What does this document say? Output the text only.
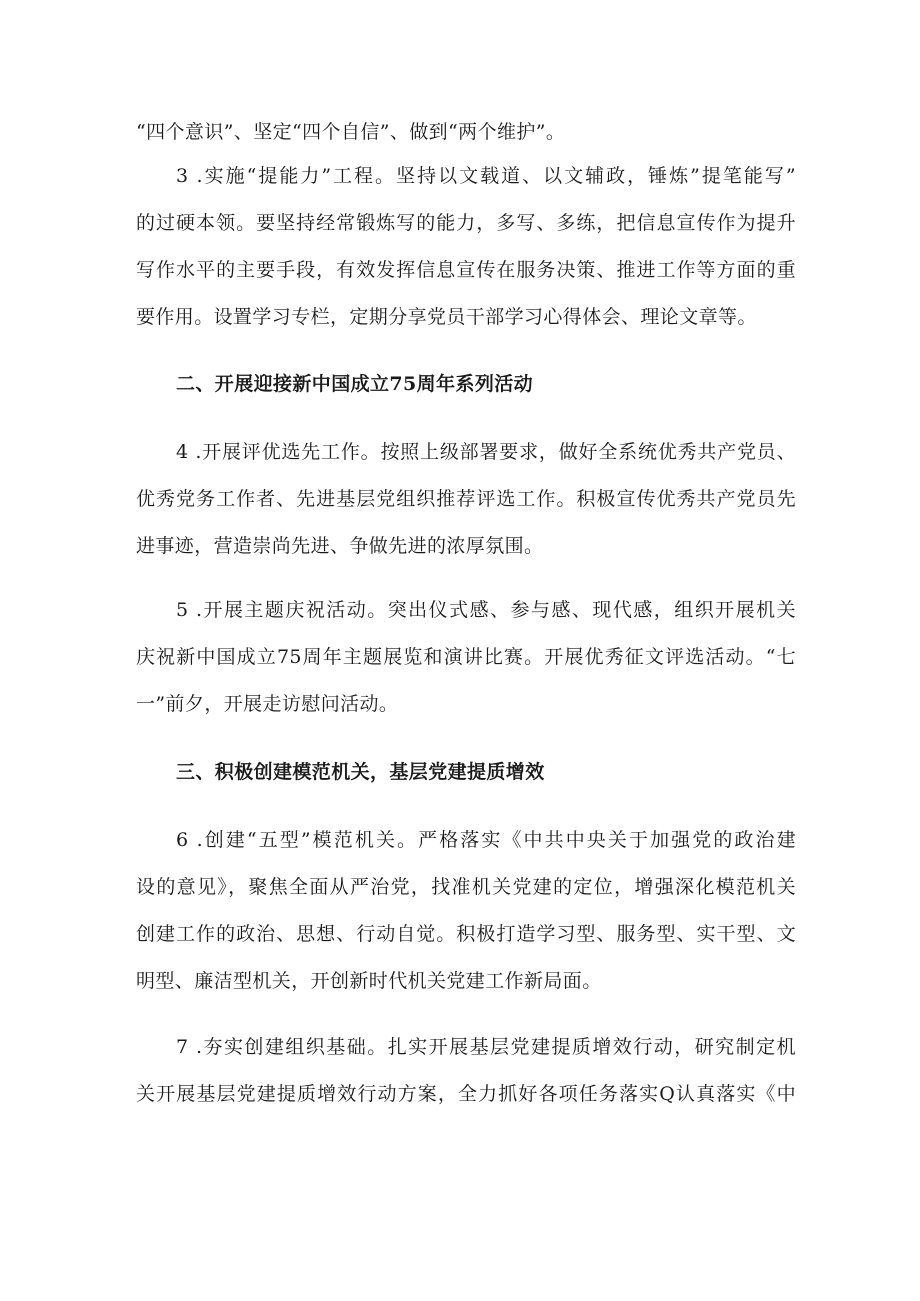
“四个意识”、坚定“四个自信”、做到“两个维护”。
3 .实施“提能力”工程。坚持以文载道、以文辅政，锤炼”提笔能写”
的过硬本领。要坚持经常锻炼写的能力，多写、多练，把信息宣传作为提升
写作水平的主要手段，有效发挥信息宣传在服务决策、推进工作等方面的重
要作用。设置学习专栏，定期分享党员干部学习心得体会、理论文章等。
二、开展迎接新中国成立75周年系列活动
4 .开展评优选先工作。按照上级部署要求，做好全系统优秀共产党员、
优秀党务工作者、先进基层党组织推荐评选工作。积极宣传优秀共产党员先
进事迹，营造崇尚先进、争做先进的浓厚氛围。
5 .开展主题庆祝活动。突出仪式感、参与感、现代感，组织开展机关
庆祝新中国成立75周年主题展览和演讲比赛。开展优秀征文评选活动。“七
一”前夕，开展走访慰问活动。
三、积极创建模范机关，基层党建提质增效
6 .创建“五型”模范机关。严格落实《中共中央关于加强党的政治建
设的意见》，聚焦全面从严治党，找准机关党建的定位，增强深化模范机关
创建工作的政治、思想、行动自觉。积极打造学习型、服务型、实干型、文
明型、廉洁型机关，开创新时代机关党建工作新局面。
7 .夯实创建组织基础。扎实开展基层党建提质增效行动，研究制定机
关开展基层党建提质增效行动方案，全力抓好各项任务落实Q认真落实《中
